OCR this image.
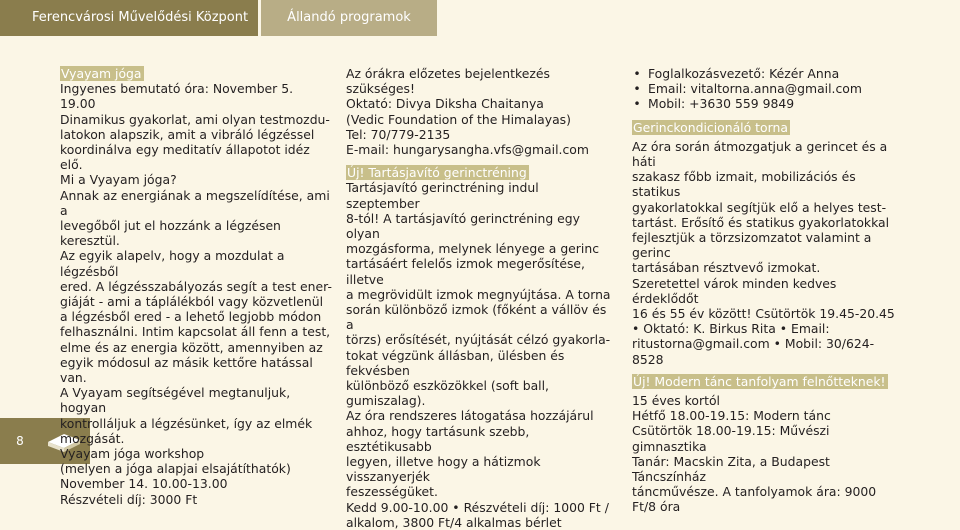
Ferencvárosi Művelődési Központ	Állandó programok
8

Vyayam jóga

Ingyenes bemutató óra: November 5. 19.00

Dinamikus gyakorlat, ami olyan testmozdu-

latokon alapszik, amit a vibráló légzéssel

koordinálva egy meditatív állapotot idéz elő.

Mi a Vyayam jóga?

Annak az energiának a megszelídítése, ami a

levegőből jut el hozzánk a légzésen keresztül.

Az egyik alapelv, hogy a mozdulat a légzésből

ered. A légzésszabályozás segít a test ener-

giáját - ami a táplálékból vagy közvetlenül

a légzésből ered - a lehető legjobb módon

felhasználni. Intim kapcsolat áll fenn a test,

elme és az energia között, amennyiben az

egyik módosul az másik kettőre hatással van.

A Vyayam segítségével megtanuljuk, hogyan

kontrolláljuk a légzésünket, így az elmék

mozgását.

Vyayam jóga workshop

(melyen a jóga alapjai elsajátíthatók)

November 14. 10.00-13.00

Részvételi díj: 3000 Ft

Az órákra előzetes bejelentkezés szükséges!

Oktató: Divya Diksha Chaitanya

(Vedic Foundation of the Himalayas)

Tel: 70/779-2135

E-mail: hungarysangha.vfs@gmail.com

Új! Tartásjavító gerinctréning

Tartásjavító gerinctréning indul szeptember

8-tól! A tartásjavító gerinctréning egy olyan

mozgásforma, melynek lényege a gerinc

tartásáért felelős izmok megerősítése, illetve

a megrövidült izmok megnyújtása. A torna

során különböző izmok (főként a vállöv és a

törzs) erősítését, nyújtását célzó gyakorla-

tokat végzünk állásban, ülésben és fekvésben

különböző eszközökkel (soft ball, gumiszalag).

Az óra rendszeres látogatása hozzájárul

ahhoz, hogy tartásunk szebb, esztétikusabb

legyen, illetve hogy a hátizmok visszanyerjék

feszességüket.

Kedd 9.00-10.00 • Részvételi díj: 1000 Ft /

alkalom, 3800 Ft/4 alkalmas bérlet

• Foglalkozásvezető: Kézér Anna
• Email: vitaltorna.anna@gmail.com
• Mobil: +3630 559 9849

Gerinckondicionáló torna

Az óra során átmozgatjuk a gerincet és a háti

szakasz főbb izmait, mobilizációs és statikus

gyakorlatokkal segítjük elő a helyes test-

tartást. Erősítő és statikus gyakorlatokkal

fejlesztjük a törzsizomzatot valamint a gerinc

tartásában résztvevő izmokat.

Szeretettel várok minden kedves érdeklődőt

16 és 55 év között! Csütörtök 19.45-20.45

• Oktató: K. Birkus Rita • Email:

ritustorna@gmail.com • Mobil: 30/624-8528

Új! Modern tánc tanfolyam felnőtteknek!

15 éves kortól

Hétfő 18.00-19.15: Modern tánc

Csütörtök 18.00-19.15: Művészi gimnasztika

Tanár: Macskin Zita, a Budapest Táncszínház

táncművésze. A tanfolyamok ára: 9000 Ft/8 óra
